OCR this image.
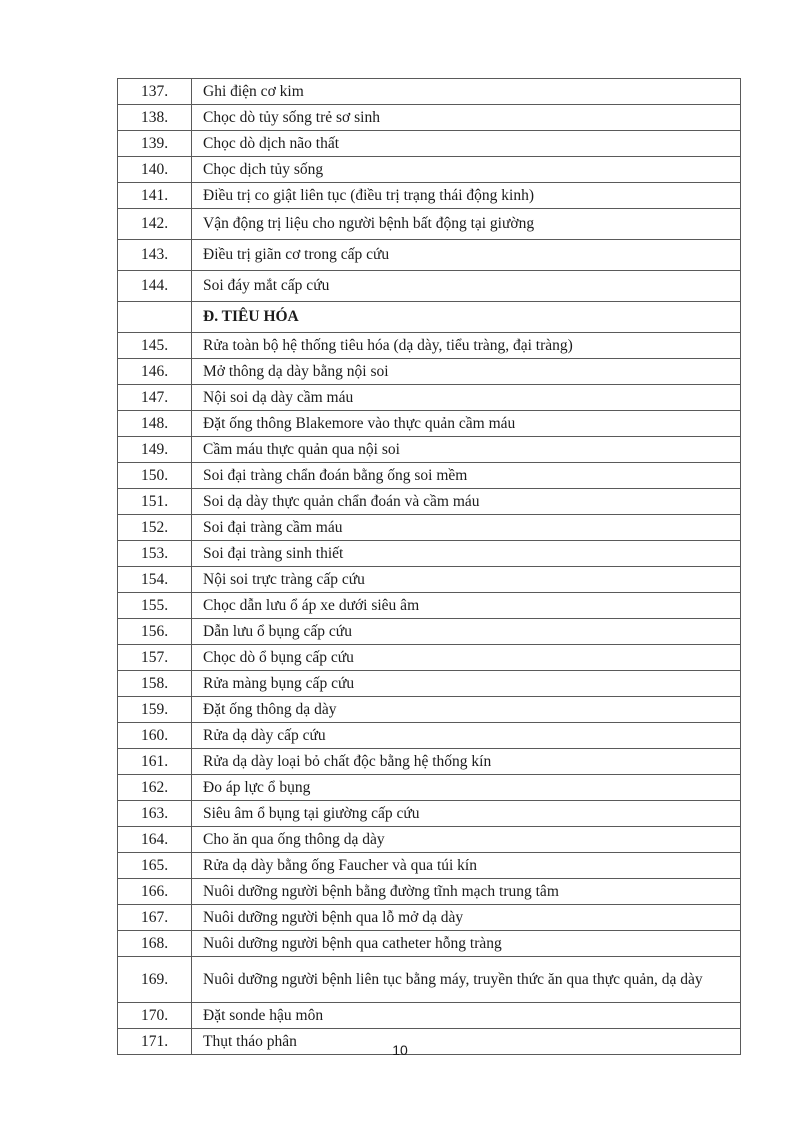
137.	Ghi điện cơ kim
138.	Chọc dò tủy sống trẻ sơ sinh
139.	Chọc dò dịch não thất
140.	Chọc dịch tủy sống
141.	Điều trị co giật liên tục (điều trị trạng thái động kinh)
142.	Vận động trị liệu cho người bệnh bất động tại giường
143.	Điều trị giãn cơ trong cấp cứu
144.	Soi đáy mắt cấp cứu
	Đ. TIÊU HÓA
145.	Rửa toàn bộ hệ thống tiêu hóa (dạ dày, tiểu tràng, đại tràng)
146.	Mở thông dạ dày bằng nội soi
147.	Nội soi dạ dày cầm máu
148.	Đặt ống thông Blakemore vào thực quản cầm máu
149.	Cầm máu thực quản qua nội soi
150.	Soi đại tràng chẩn đoán bằng ống soi mềm
151.	Soi dạ dày thực quản chẩn đoán và cầm máu
152.	Soi đại tràng cầm máu
153.	Soi đại tràng sinh thiết
154.	Nội soi trực tràng cấp cứu
155.	Chọc dẫn lưu ổ áp xe dưới siêu âm
156.	Dẫn lưu ổ bụng cấp cứu
157.	Chọc dò ổ bụng cấp cứu
158.	Rửa màng bụng cấp cứu
159.	Đặt ống thông dạ dày
160.	Rửa dạ dày cấp cứu
161.	Rửa dạ dày loại bỏ chất độc bằng hệ thống kín
162.	Đo áp lực ổ bụng
163.	Siêu âm ổ bụng tại giường cấp cứu
164.	Cho ăn qua ống thông dạ dày
165.	Rửa dạ dày bằng ống Faucher và qua túi kín
166.	Nuôi dưỡng người bệnh bằng đường tĩnh mạch trung tâm
167.	Nuôi dưỡng người bệnh qua lỗ mở dạ dày
168.	Nuôi dưỡng người bệnh qua catheter hỗng tràng
169.	Nuôi dưỡng người bệnh liên tục bằng máy, truyền thức ăn qua thực quản, dạ dày
170.	Đặt sonde hậu môn
171.	Thụt tháo phân
10
